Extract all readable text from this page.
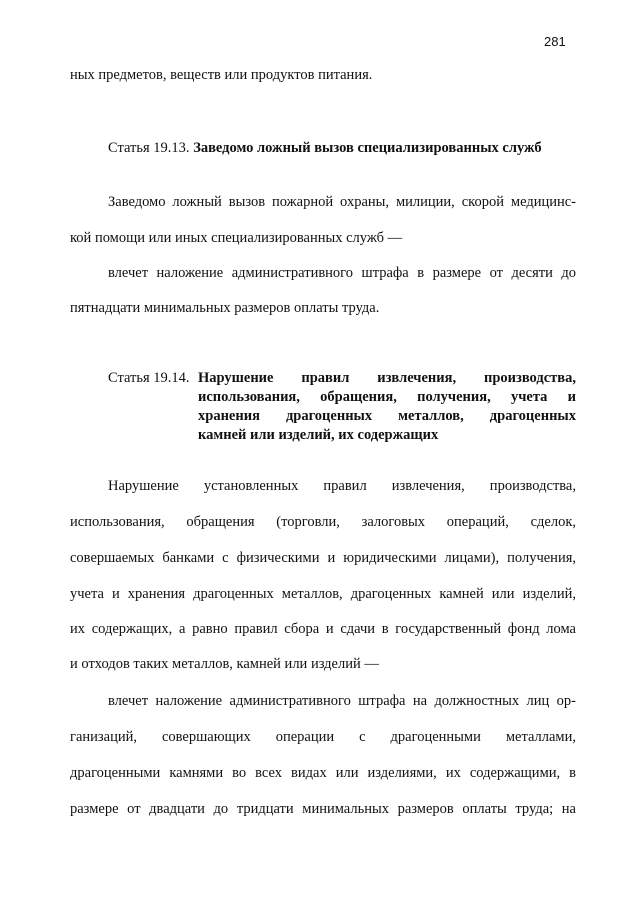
281
ных предметов, веществ или продуктов питания.
Статья 19.13. Заведомо ложный вызов специализированных служб
Заведомо ложный вызов пожарной охраны, милиции, скорой медицинс-
кой помощи или иных специализированных служб —
влечет наложение административного штрафа в размере от десяти до
пятнадцати минимальных размеров оплаты труда.
Статья 19.14. Нарушение правил извлечения, производства,
использования, обращения, получения, учета и
хранения драгоценных металлов, драгоценных
камней или изделий, их содержащих
Нарушение установленных правил извлечения, производства,
использования, обращения (торговли, залоговых операций, сделок,
совершаемых банками с физическими и юридическими лицами), получения,
учета и хранения драгоценных металлов, драгоценных камней или изделий,
их содержащих, а равно правил сбора и сдачи в государственный фонд лома
и отходов таких металлов, камней или изделий —
влечет наложение административного штрафа на должностных лиц ор-
ганизаций, совершающих операции с драгоценными металлами,
драгоценными камнями во всех видах или изделиями, их содержащими, в
размере от двадцати до тридцати минимальных размеров оплаты труда; на
